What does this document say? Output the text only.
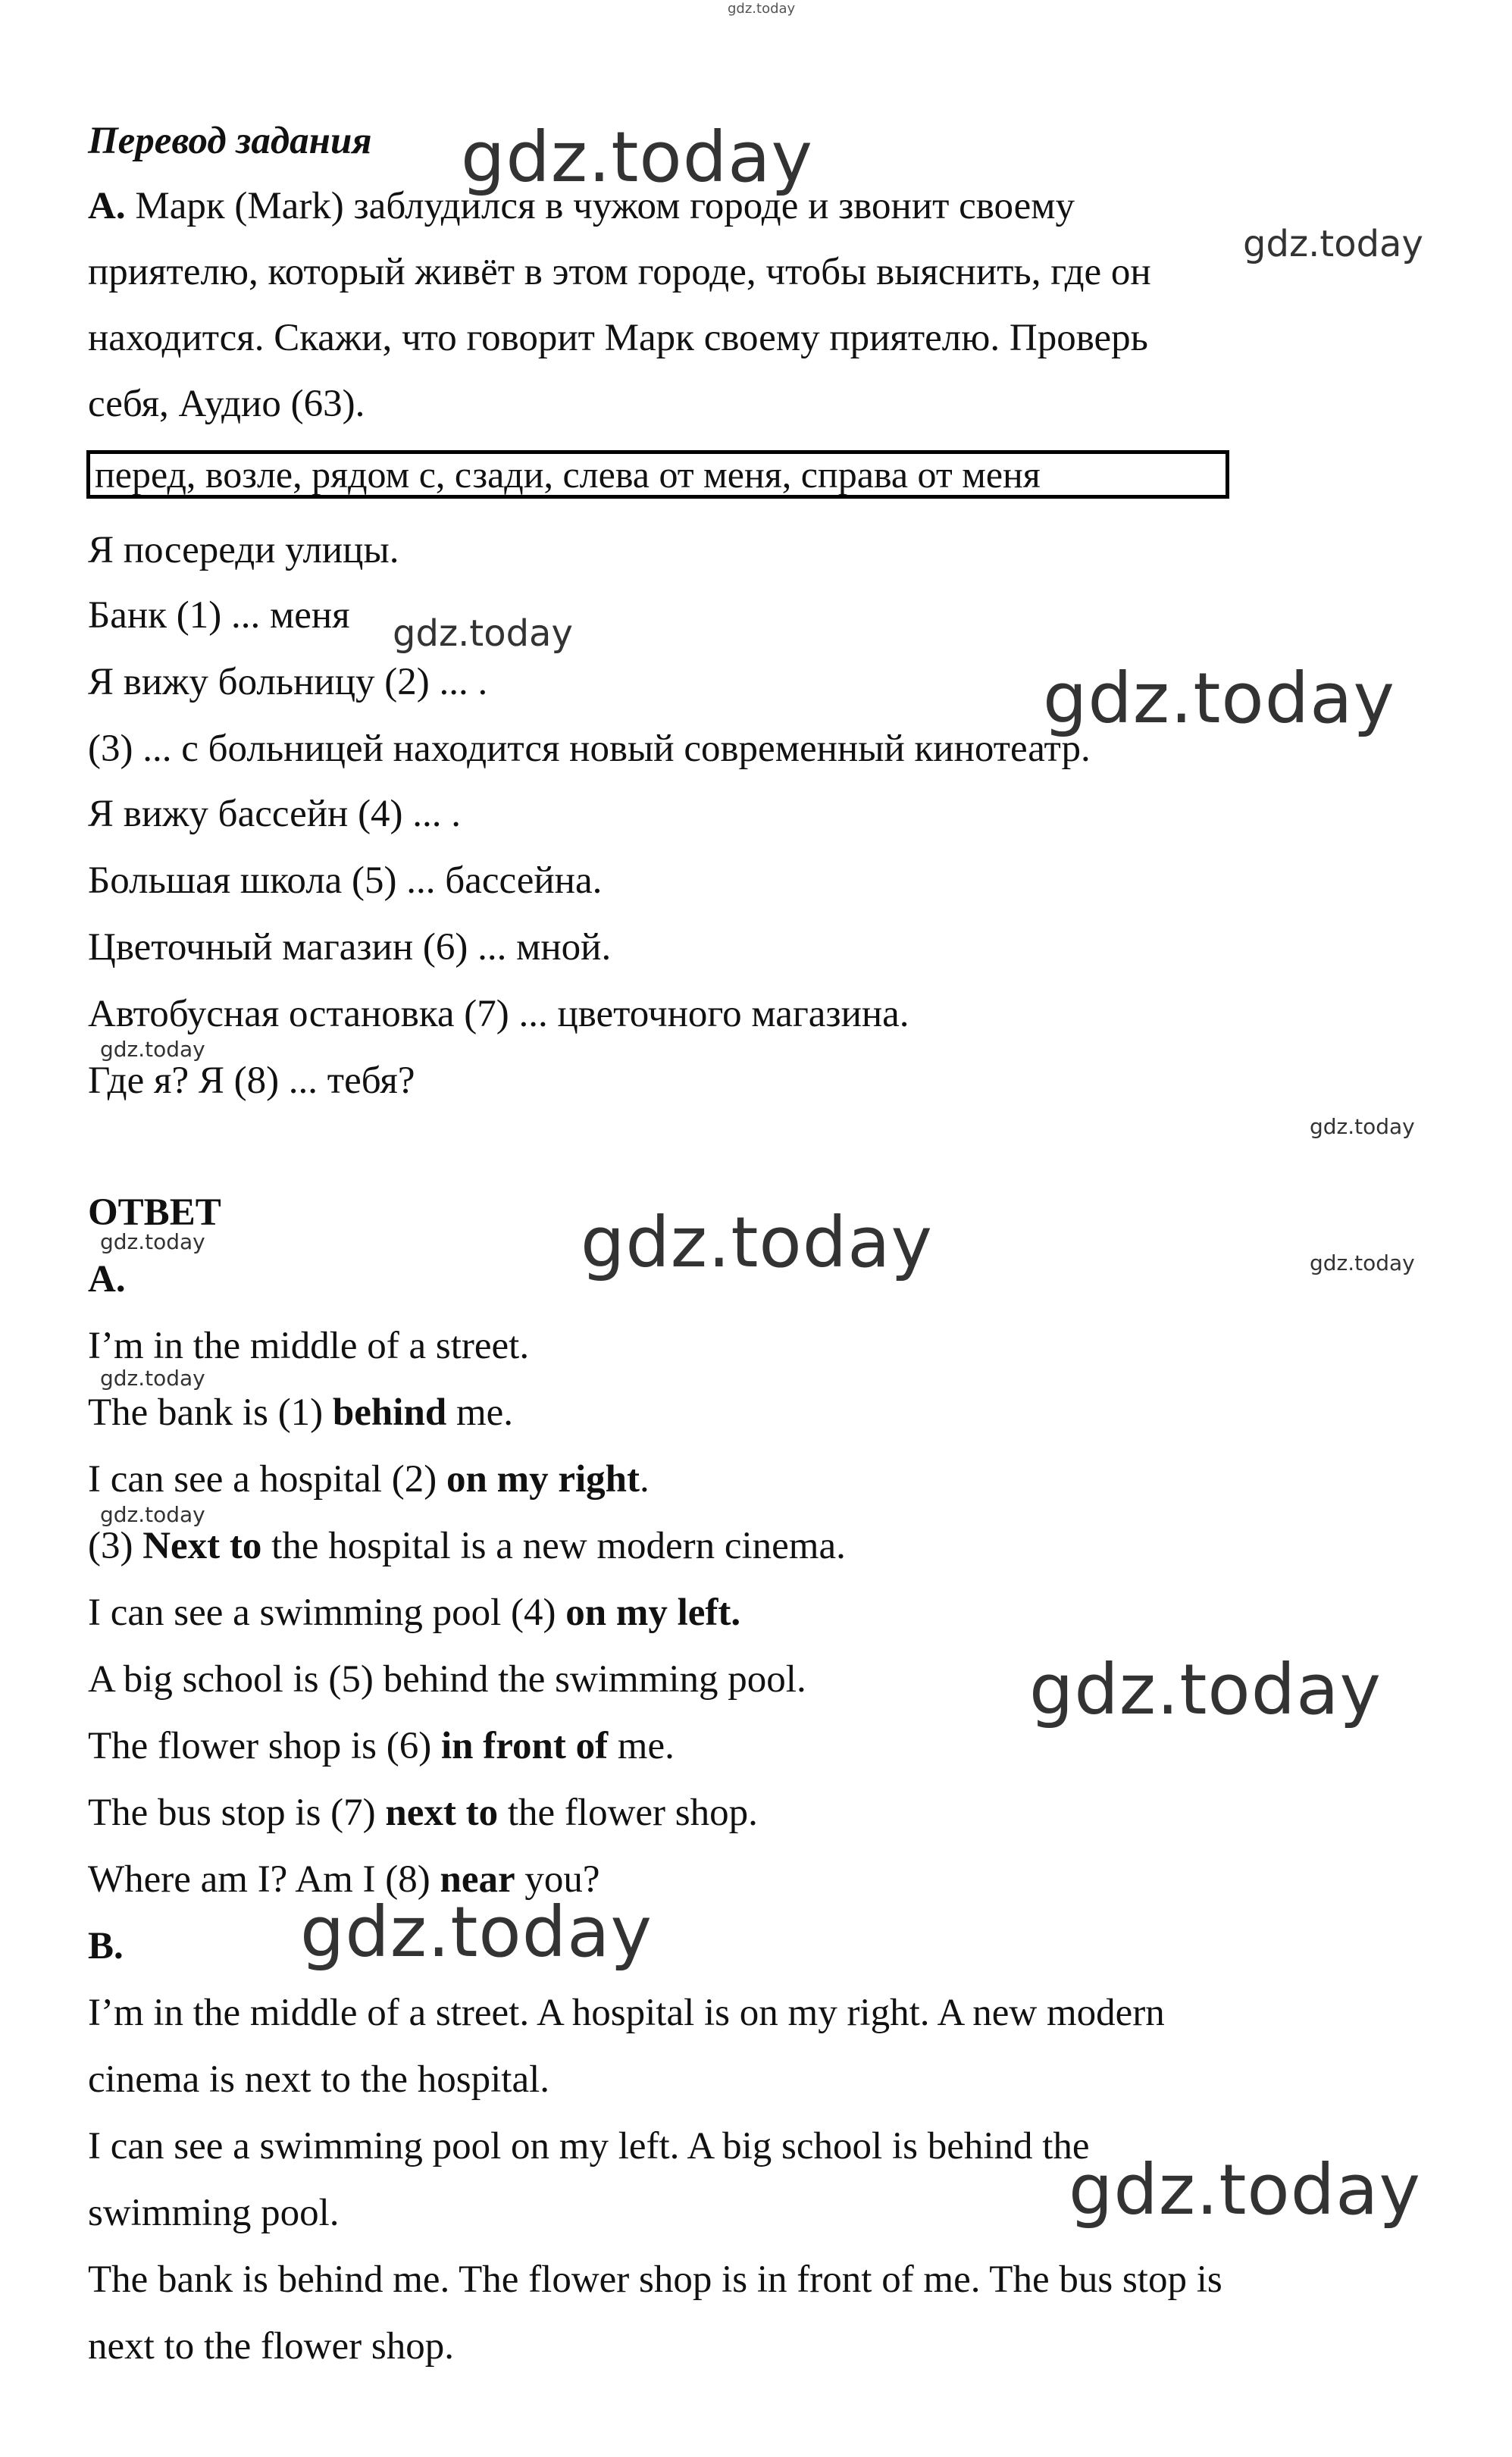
gdz.today
gdz.today
gdz.today
gdz.today
gdz.today
gdz.today
gdz.today
gdz.today
gdz.today
gdz.today
gdz.today
gdz.today
gdz.today
gdz.today
gdz.today

Перевод задания

А. Марк (Mark) заблудился в чужом городе и звонит своему

приятелю, который живёт в этом городе, чтобы выяснить, где он

находится. Скажи, что говорит Марк своему приятелю. Проверь

себя, Аудио (63).

перед, возле, рядом с, сзади, слева от меня, справа от меня

Я посереди улицы.

Банк (1) ... меня

Я вижу больницу (2) ... .

(3) ... с больницей находится новый современный кинотеатр.

Я вижу бассейн (4) ... .

Большая школа (5) ... бассейна.

Цветочный магазин (6) ... мной.

Автобусная остановка (7) ... цветочного магазина.

Где я? Я (8) ... тебя?

ОТВЕТ

A.

I’m in the middle of a street.

The bank is (1) behind me.

I can see a hospital (2) on my right.

(3) Next to the hospital is a new modern cinema.

I can see a swimming pool (4) on my left.

A big school is (5) behind the swimming pool.

The flower shop is (6) in front of me.

The bus stop is (7) next to the flower shop.

Where am I? Am I (8) near you?

B.

I’m in the middle of a street. A hospital is on my right. A new modern

cinema is next to the hospital.

I can see a swimming pool on my left. A big school is behind the

swimming pool.

The bank is behind me. The flower shop is in front of me. The bus stop is

next to the flower shop.
